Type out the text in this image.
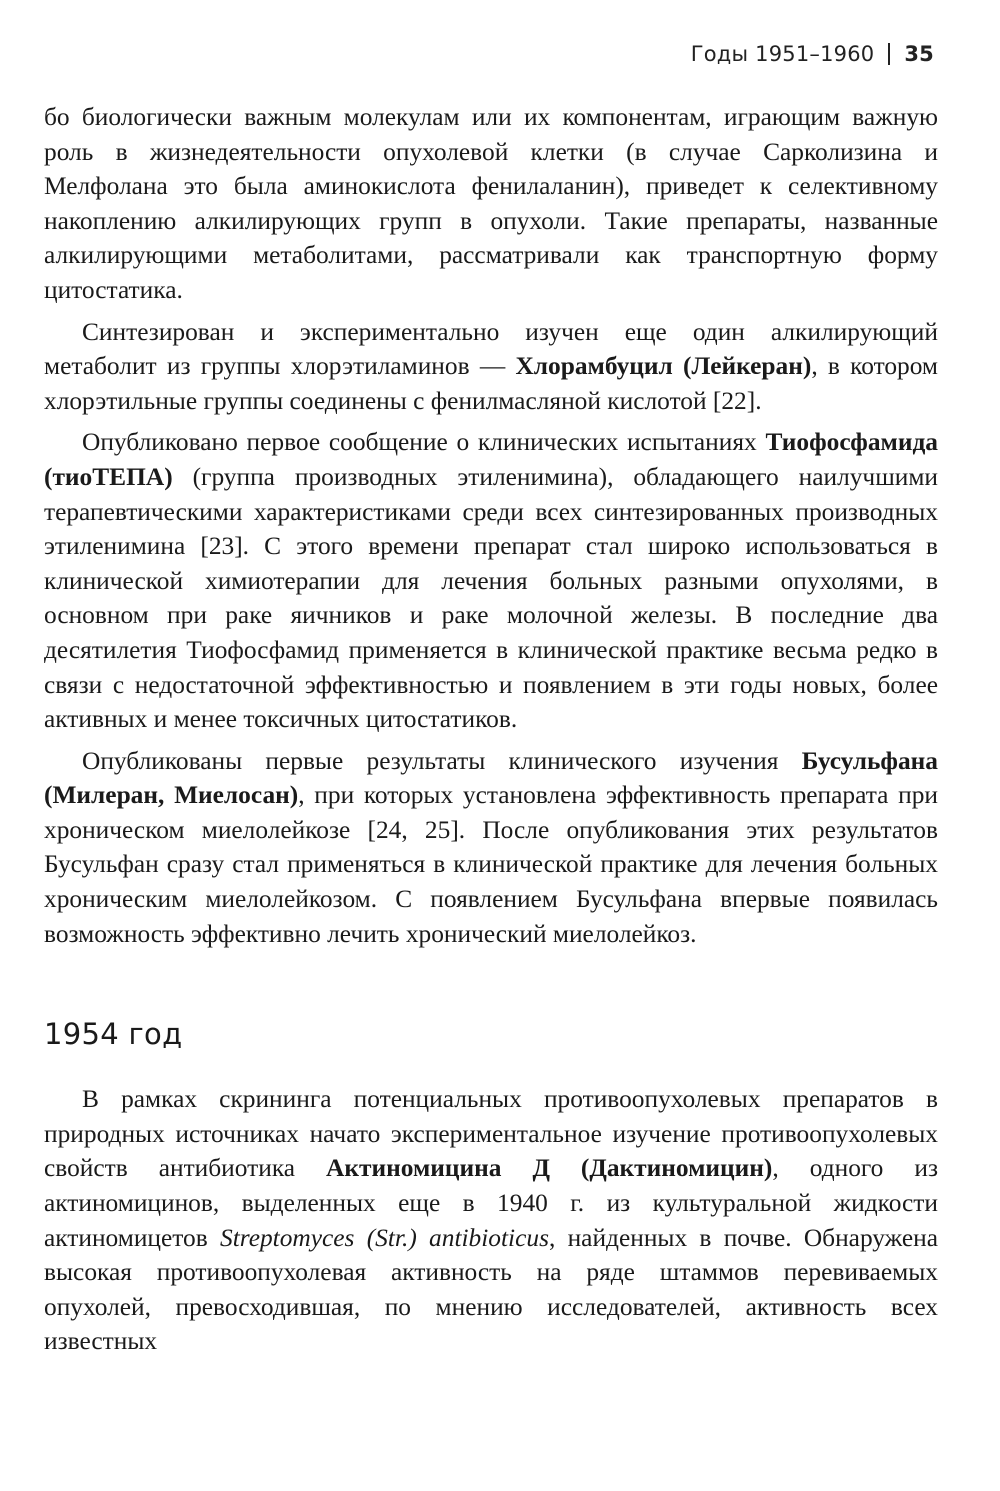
Годы 1951–1960 35

бо биологически важным молекулам или их компонентам, играющим важную роль в жизнедеятельности опухолевой клетки (в случае Сарколизина и Мелфолана это была аминокислота фенилаланин), приведет к селективному накоплению алкилирующих групп в опухоли. Такие препараты, названные алкилирующими метаболитами, рассматривали как транспортную форму цитостатика.

Синтезирован и экспериментально изучен еще один алкилирующий метаболит из группы хлорэтиламинов — Хлорамбуцил (Лейкеран), в котором хлорэтильные группы соединены с фенилмасляной кислотой [22].

Опубликовано первое сообщение о клинических испытаниях Тиофосфамида (тиоТЕПА) (группа производных этиленимина), обладающего наилучшими терапевтическими характеристиками среди всех синтезированных производных этиленимина [23]. С этого времени препарат стал широко использоваться в клинической химиотерапии для лечения больных разными опухолями, в основном при раке яичников и раке молочной железы. В последние два десятилетия Тиофосфамид применяется в клинической практике весьма редко в связи с недостаточной эффективностью и появлением в эти годы новых, более активных и менее токсичных цитостатиков.

Опубликованы первые результаты клинического изучения Бусульфана (Милеран, Миелосан), при которых установлена эффективность препарата при хроническом миелолейкозе [24, 25]. После опубликования этих результатов Бусульфан сразу стал применяться в клинической практике для лечения больных хроническим миелолейкозом. С появлением Бусульфана впервые появилась возможность эффективно лечить хронический миелолейкоз.

1954 год

В рамках скрининга потенциальных противоопухолевых препаратов в природных источниках начато экспериментальное изучение противоопухолевых свойств антибиотика Актиномицина Д (Дактиномицин), одного из актиномицинов, выделенных еще в 1940 г. из культуральной жидкости актиномицетов Streptomyces (Str.) antibioticus, найденных в почве. Обнаружена высокая противоопухолевая активность на ряде штаммов перевиваемых опухолей, превосходившая, по мнению исследователей, активность всех известных
